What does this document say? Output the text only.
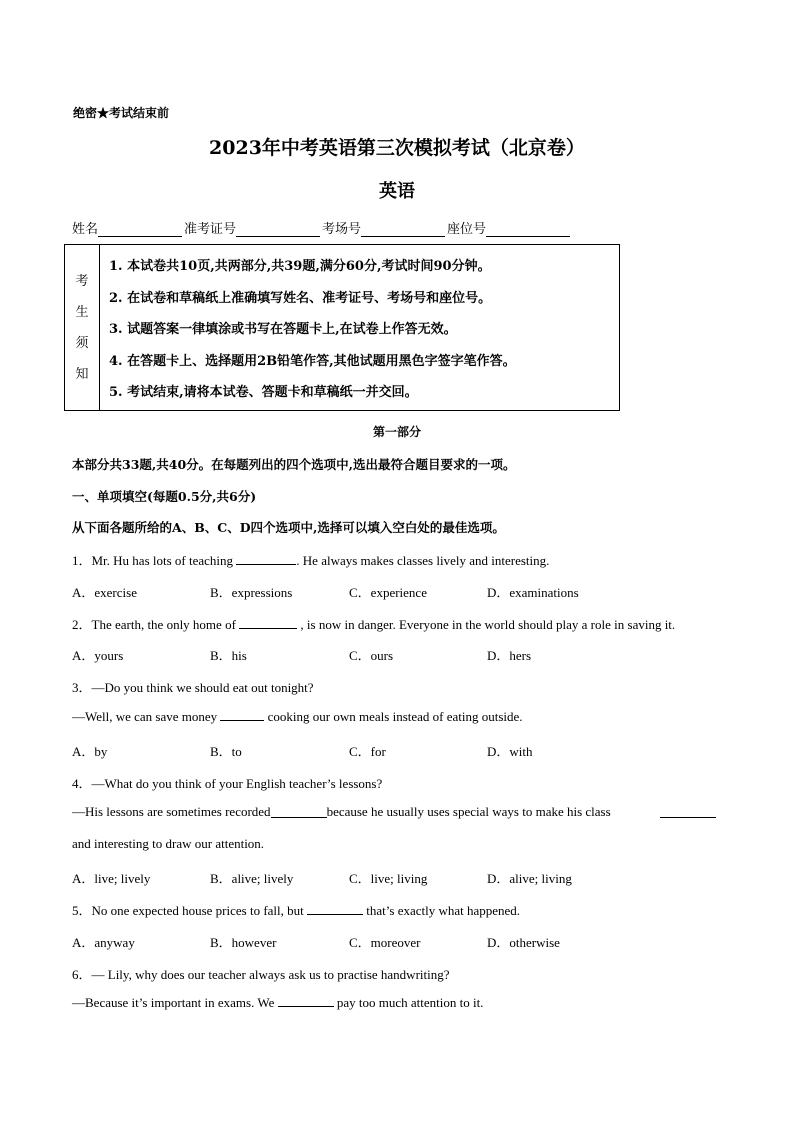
绝密★考试结束前
2023年中考英语第三次模拟考试（北京卷）
英语
姓名	准考证号	考场号	座位号
考
生
须
知
1. 本试卷共10页,共两部分,共39题,满分60分,考试时间90分钟。
2. 在试卷和草稿纸上准确填写姓名、准考证号、考场号和座位号。
3. 试题答案一律填涂或书写在答题卡上,在试卷上作答无效。
4. 在答题卡上、选择题用2B铅笔作答,其他试题用黑色字签字笔作答。
5. 考试结束,请将本试卷、答题卡和草稿纸一并交回。
第一部分
本部分共33题,共40分。在每题列出的四个选项中,选出最符合题目要求的一项。
一、单项填空(每题0.5分,共6分)
从下面各题所给的A、B、C、D四个选项中,选择可以填入空白处的最佳选项。
1．Mr. Hu has lots of teaching	. He always makes classes lively and interesting.
A．exercise	B．expressions	C．experience	D．examinations
2．The earth, the only home of	, is now in danger. Everyone in the world should play a role in saving it.
A．yours	B．his	C．ours	D．hers
3．—Do you think we should eat out tonight?
—Well, we can save money	cooking our own meals instead of eating outside.
A．by	B．to	C．for	D．with
4．—What do you think of your English teacher’s lessons?
—His lessons are sometimes recorded	because he usually uses special ways to make his class
and interesting to draw our attention.
A．live; lively	B．alive; lively	C．live; living	D．alive; living
5．No one expected house prices to fall, but	that’s exactly what happened.
A．anyway	B．however	C．moreover	D．otherwise
6．— Lily, why does our teacher always ask us to practise handwriting?
—Because it’s important in exams. We	pay too much attention to it.
